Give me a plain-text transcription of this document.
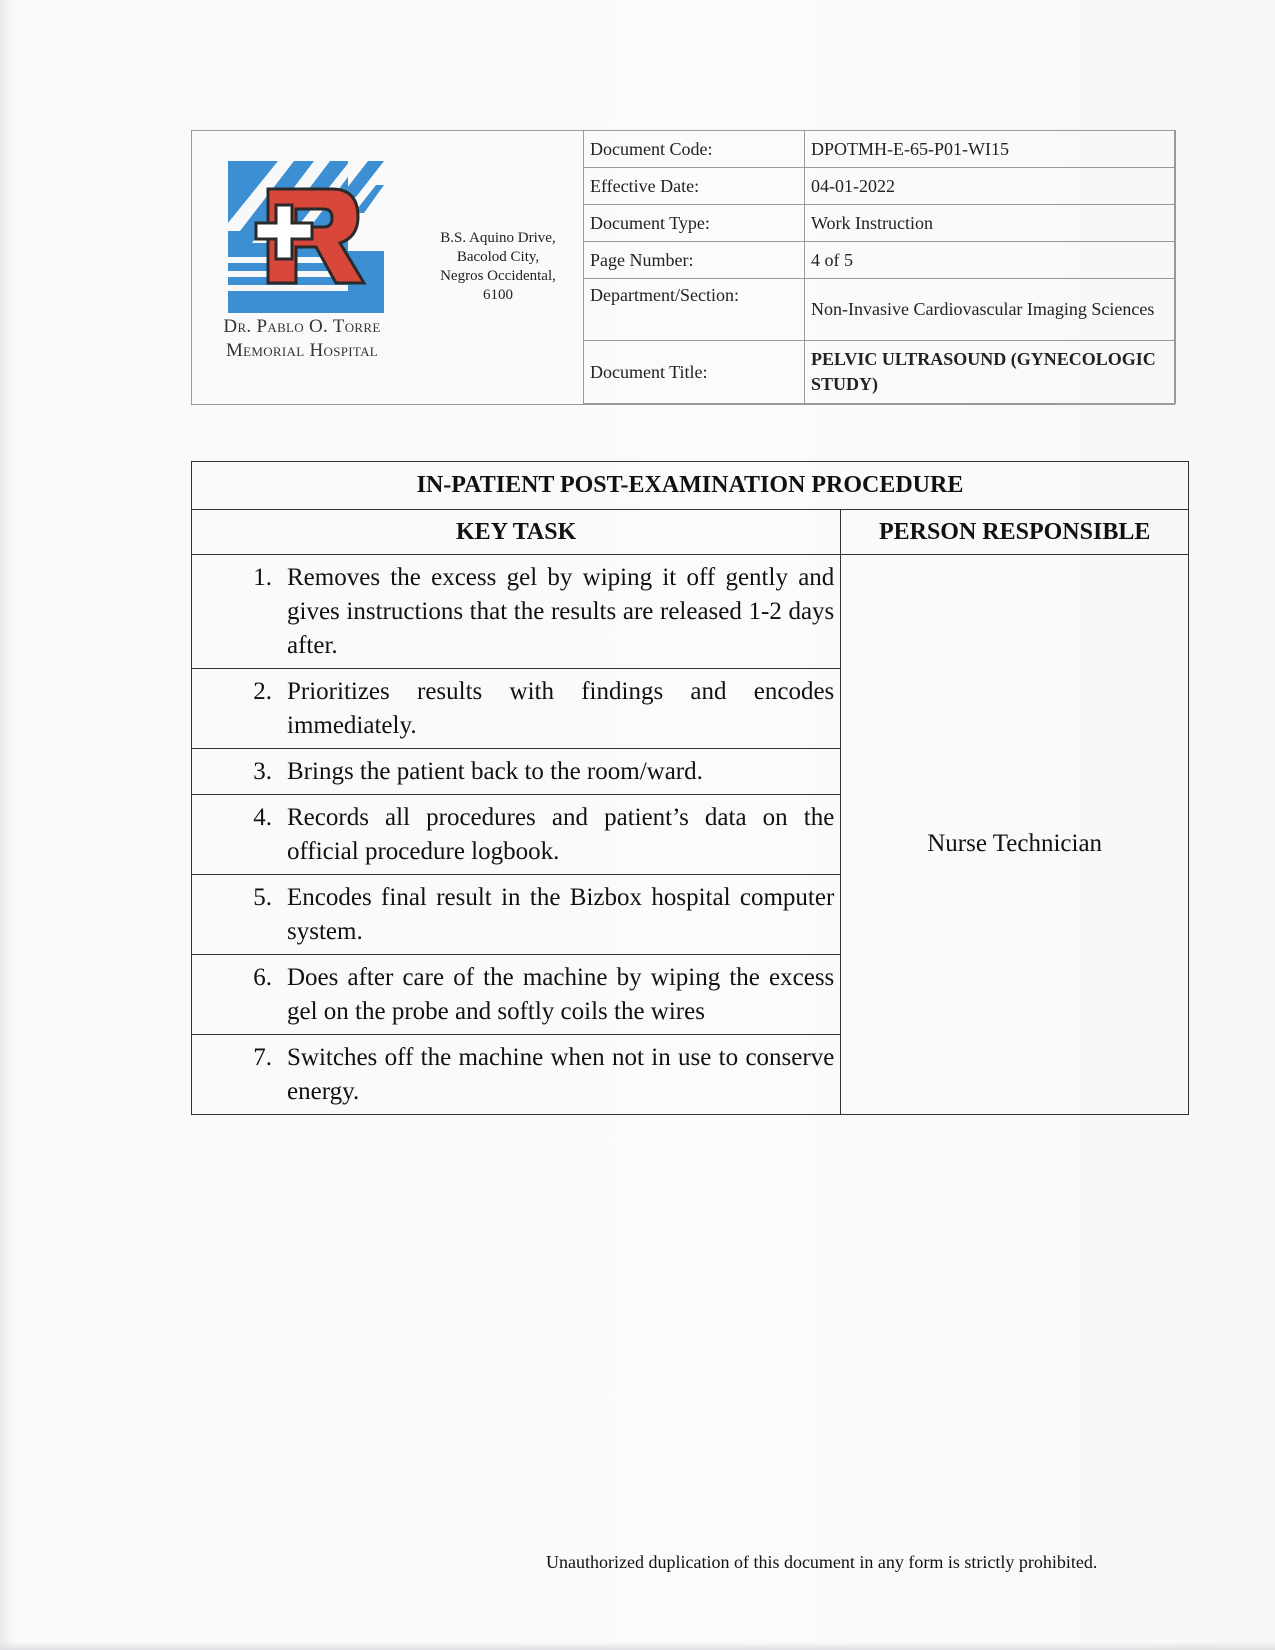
Dr. Pablo O. Torre
Memorial Hospital
B.S. Aquino Drive,
Bacolod City,
Negros Occidental,
6100
Document Code:	DPOTMH-E-65-P01-WI15
Effective Date:	04-01-2022
Document Type:	Work Instruction
Page Number:	4 of 5
Department/Section:	Non-Invasive Cardiovascular Imaging Sciences
Document Title:	PELVIC ULTRASOUND (GYNECOLOGIC STUDY)
IN-PATIENT POST-EXAMINATION PROCEDURE	
KEY TASK	PERSON RESPONSIBLE

1. Removes the excess gel by wiping it off gently and gives instructions that the results are released 1-2 days after.	Nurse Technician

2. Prioritizes results with findings and encodes immediately.	

3. Brings the patient back to the room/ward.	

4. Records all procedures and patient’s data on the official procedure logbook.	

5. Encodes final result in the Bizbox hospital computer system.	

6. Does after care of the machine by wiping the excess gel on the probe and softly coils the wires	

7. Switches off the machine when not in use to conserve energy.	
Unauthorized duplication of this document in any form is strictly prohibited.
